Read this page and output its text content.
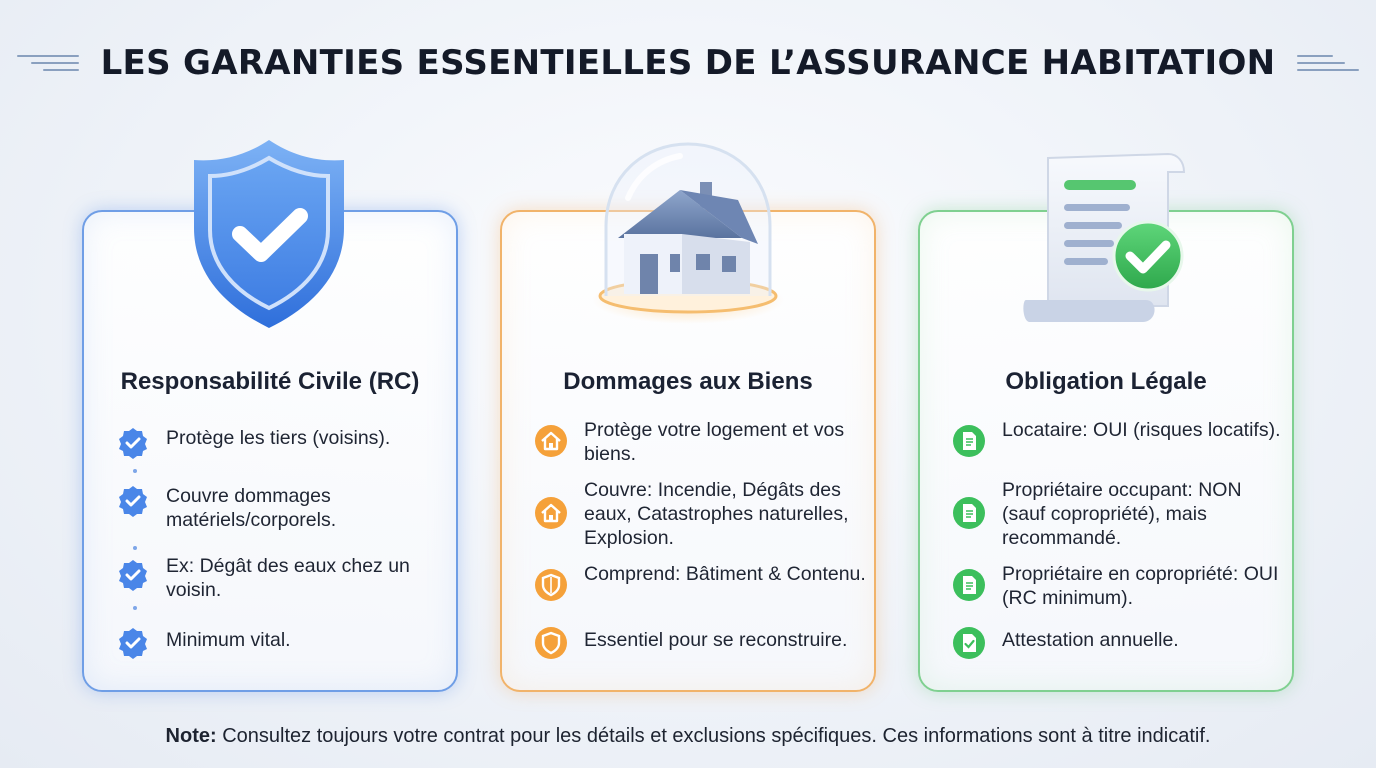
LES GARANTIES ESSENTIELLES DE L’ASSURANCE HABITATION
Responsabilité Civile (RC)
Protège les tiers (voisins).
Couvre dommages matériels/corporels.
Ex: Dégât des eaux chez un voisin.
Minimum vital.
Dommages aux Biens
Protège votre logement et vos biens.
Couvre: Incendie, Dégâts des eaux, Catastrophes naturelles, Explosion.
Comprend: Bâtiment & Contenu.
Essentiel pour se reconstruire.
Obligation Légale
Locataire: OUI (risques locatifs).
Propriétaire occupant: NON (sauf copropriété), mais recommandé.
Propriétaire en copropriété: OUI (RC minimum).
Attestation annuelle.
Note: Consultez toujours votre contrat pour les détails et exclusions spécifiques. Ces informations sont à titre indicatif.
